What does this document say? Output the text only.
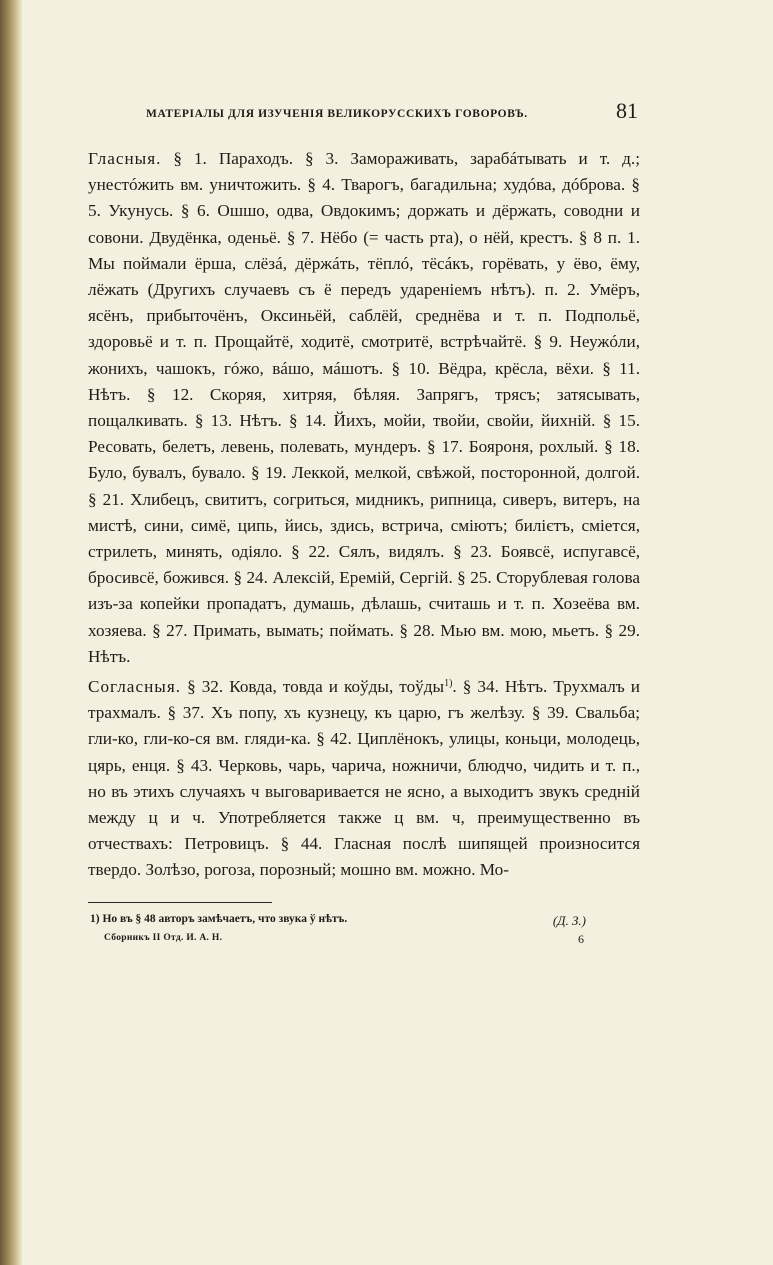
МАТЕРІАЛЫ ДЛЯ ИЗУЧЕНІЯ ВЕЛИКОРУССКИХЪ ГОВОРОВЪ.	81

Гласныя. § 1. Параходъ. § 3. Замораживать, зарабáтывать и т. д.; унестóжить вм. уничтожить. § 4. Тварогъ, багадильна; худóва, дóброва. § 5. Укунусь. § 6. Ошшо, одва, Овдокимъ; доржать и дёржать, соводни и совони. Двудёнка, оденьё. § 7. Нёбо (= часть рта), о нёй, крестъ. § 8 п. 1. Мы поймали ёрша, слёзá, дёржáть, тёплó, тёсáкъ, горёвать, у ёво, ёму, лёжать (Другихъ случаевъ съ ё передъ удареніемъ нѣтъ). п. 2. Умёръ, ясёнъ, прибыточёнъ, Оксиньёй, саблёй, среднёва и т. п. Подпольё, здоровьё и т. п. Прощайтё, ходитё, смотритё, встрѣчайтё. § 9. Неужóли, жонихъ, чашокъ, гóжо, вáшо, мáшотъ. § 10. Вёдра, крёсла, вёхи. § 11. Нѣтъ. § 12. Скоряя, хитряя, бѣляя. Запрягъ, трясъ; затясывать, пощалкивать. § 13. Нѣтъ. § 14. Йихъ, мойи, твойи, свойи, йихній. § 15. Ресовать, белетъ, левень, полевать, мундеръ. § 17. Бояроня, рохлый. § 18. Було, бувалъ, бувало. § 19. Леккой, мелкой, свѣжой, посторонной, долгой. § 21. Хлибецъ, свититъ, согриться, мидникъ, рипница, сиверъ, витеръ, на мистѣ, сини, симё, ципь, йись, здись, встрича, сміютъ; билієтъ, сміется, стрилеть, минять, одіяло. § 22. Сялъ, видялъ. § 23. Боявсё, испугавсё, бросивсё, божився. § 24. Алексій, Еремій, Сергій. § 25. Сторублевая голова изъ-за копейки пропадатъ, думашь, дѣлашь, считашь и т. п. Хозеёва вм. хозяева. § 27. Примать, вымать; поймать. § 28. Мью вм. мою, мьетъ. § 29. Нѣтъ.

Согласныя. § 32. Ковда, товда и коўды, тоўды$^{1)}$. § 34. Нѣтъ. Трухмалъ и трахмалъ. § 37. Хъ попу, хъ кузнецу, къ царю, гъ желѣзу. § 39. Свальба; гли-ко, гли-ко-ся вм. гляди-ка. § 42. Циплёнокъ, улицы, коньци, молодець, цярь, енця. § 43. Черковь, чарь, чарича, ножничи, блюдчо, чидить и т. п., но въ этихъ случаяхъ ч выговаривается не ясно, а выходитъ звукъ средній между ц и ч. Употребляется также ц вм. ч, преимущественно въ отчествахъ: Петровицъ. § 44. Гласная послѣ шипящей произносится твердо. Золѣзо, рогоза, порозный; мошно вм. можно. Мо-

1) Но въ § 48 авторъ замѣчаетъ, что звука ў нѣтъ.	(Д. З.)
Сборникъ II Отд. И. А. Н.	6
